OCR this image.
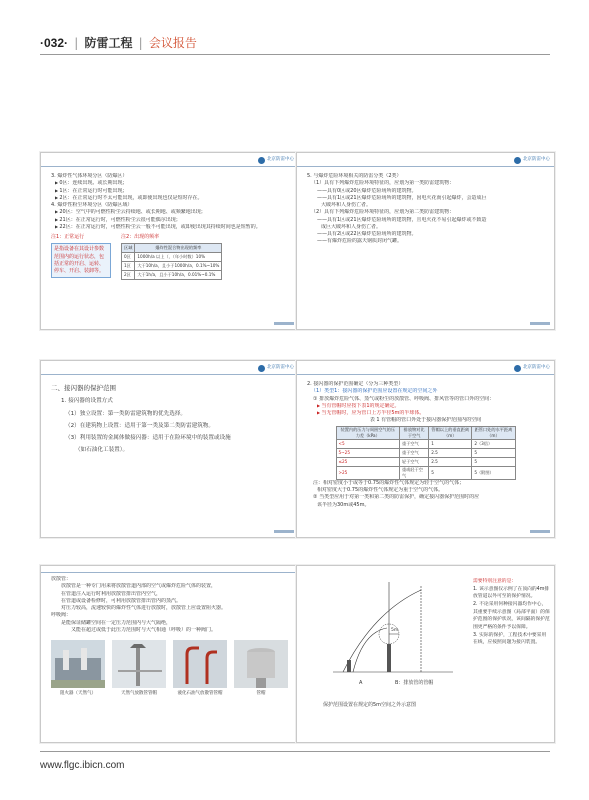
·032· | 防雷工程 | 会议报告
北京防雷中心
3. 爆炸性气体环境分区（防爆区）
▶ 0区：连续出现、或长期出现；
▶ 1区：在正常运行时可能出现；
▶ 2区：在正常运行时不太可能出现，或即使出现也仅是短时存在。
4. 爆炸性粉尘环境分区（防爆区域）
▶ 20区：空气中的可燃性粉尘云持续地、或长期地、或频繁地出现；
▶ 21区：在正常运行时，可燃性粉尘云很可能偶尔出现；
▶ 22区：在正常运行时，可燃性粉尘云一般不可能出现，或即使出现其持续时间也是短暂的。
注1：正常运行
是指设备在其设计参数范围内的运行状态，包括正常的开启、运转、停车、开启、装卸等。
注2：出现的频率
区域	爆炸性混合物出现的频率
0区	1000h/a 以上（、（年小时数）10%
1区	大于10h/a，且小于1000h/a，0.1%~10%
2区	大于1h/a，且小于10h/a，0.01%~0.1%
北京防雷中心
5. 与爆炸危险环境相关的防雷分类（2类）
（1）具有下列爆炸危险环境特征的，应划为第一类防雷建筑物：
——具有0区或20区爆炸危险场所的建筑物。
——具有1区或21区爆炸危险场所的建筑物，因电火花而引起爆炸，会造成巨
大破坏和人身伤亡者。
（2）具有下列爆炸危险环境特征的，应划为第二类防雷建筑物：
——具有1区或21区爆炸危险场所的建筑物，且电火花不易引起爆炸或不致造
成巨大破坏和人身伤亡者。
——具有2区或22区爆炸危险场所的建筑物。
——有爆炸危险的露天钢质封闭气罐。
北京防雷中心
二、接闪器的保护范围
1. 接闪器的设置方式
（1）独立设置：第一类防雷建筑物的优先选择。
（2）在建筑物上设置：适用于第一类及第二类防雷建筑物。
（3）利用装置的金属体做接闪器：适用于在险环境中的装置或设施
（如石油化工装置）。
北京防雷中心
2. 接闪器的保护范围确定（分为三种类型）
（1）类型1：接闪器的保护范围应设置在规定的空间之外
① 排放爆炸危险气体、蒸气或粉尘的放散管、呼吸阀、排风管等的管口外的空间：
▶ 当有管帽时应按下表1的规定确定。
▶ 当无管帽时，应为管口上方半径5m的半球体。
表 1 有管帽的管口外处于接闪器保护范围内的空间
装置内的压力与周围空气的压力差（kPa）	排放物对比于空气	管帽以上的垂直距离（m）	距管口处的水平距离（m）
<5	重于空气	1	2（3倍）
5~25	重于空气	2.5	5
≤25	轻于空气	2.5	5
>25	重或轻于空气	5	5（附图）
注：相对密度小于或等于0.75的爆炸性气体规定为轻于空气的气体；
相对密度大于0.75的爆炸性气体规定为重于空气的气体。
② 当类型应用于对第一类和第二类的防雷保护，确定接闪器保护范围时的应
该半径为30m或45m。
放散管：
放散管是一种专门用来将放散管道内部的空气或爆炸危险气体的装置，
在管道注入运行时利用放散管排出管内空气，
在管道或设备检修时，可利用放散管排出管内的蒸汽。
对压力较高，流速较快的爆炸性气体进行放散时，放散管上应设置阻火器。
呼吸阀：
是能保证储罐空间在一定压力范围内与大气隔绝，
又能在超过或低于此压力范围时与大气相通（呼吸）的一种阀门。
阻火器（天然气）	天然气放散管管帽	液化石油气放散管管帽	管帽
A	B：排放管的管帽
5m
需要特别注意的是：
1. 该示意图仅示例了在顶向的4m排放管道以外可至的保护情况。
2. 不论采用何种接闪器均作中心，其重要手续示意图（局部平面）的保护范围的保护状况，该间隔的保护范围更严格的条件予以保障。
3. 实际的保护，工程技术中要采用在线，应按照问题为接闪装置。
保护范围设置在规定的5m空间之外示意图
www.flgc.ibicn.com
